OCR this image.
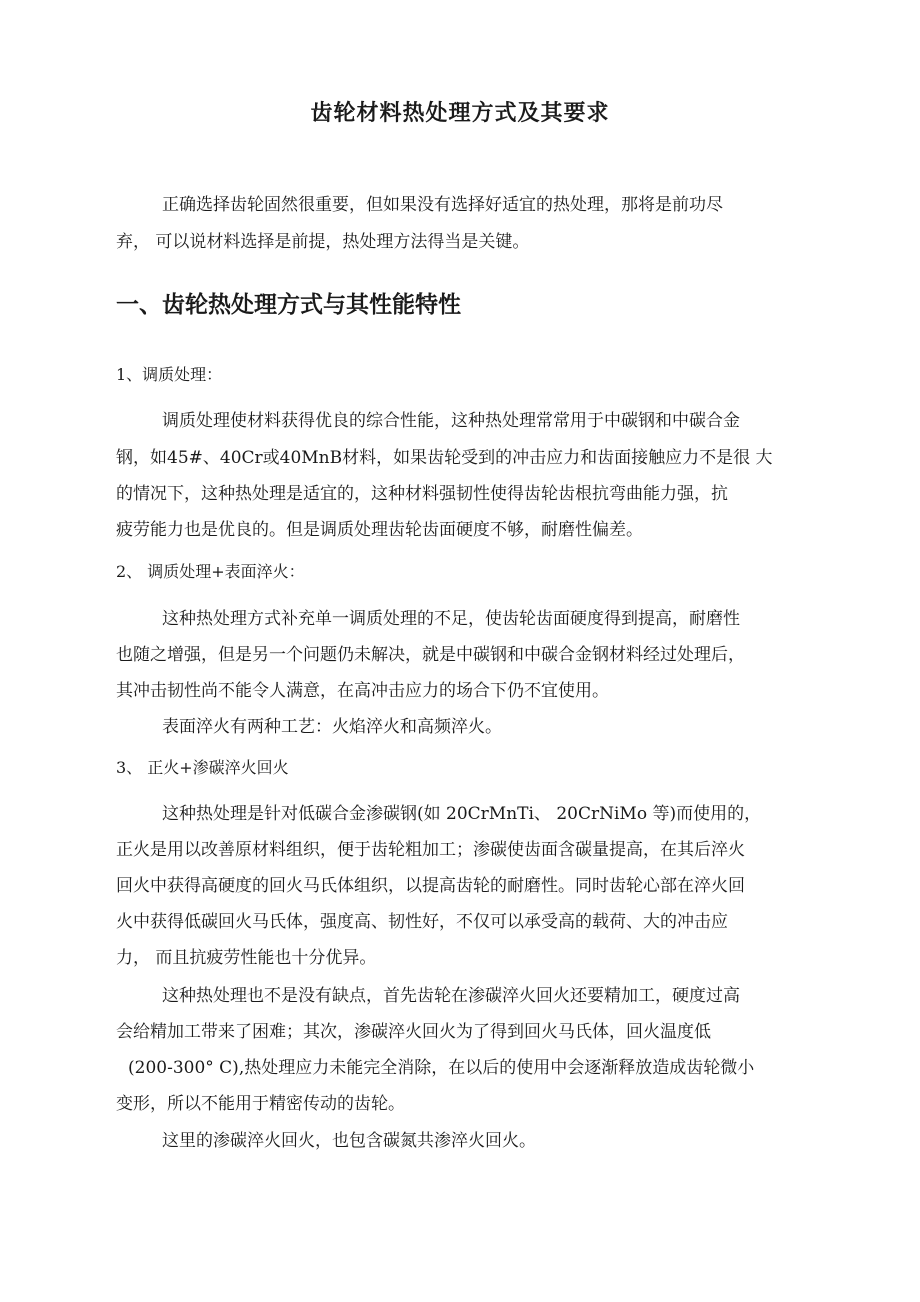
齿轮材料热处理方式及其要求
正确选择齿轮固然很重要，但如果没有选择好适宜的热处理，那将是前功尽
弃， 可以说材料选择是前提，热处理方法得当是关键。
一、齿轮热处理方式与其性能特性
1、调质处理：
调质处理使材料获得优良的综合性能，这种热处理常常用于中碳钢和中碳合金
钢，如45#、40Cr或40MnB材料，如果齿轮受到的冲击应力和齿面接触应力不是很 大
的情况下，这种热处理是适宜的，这种材料强韧性使得齿轮齿根抗弯曲能力强，抗
疲劳能力也是优良的。但是调质处理齿轮齿面硬度不够，耐磨性偏差。
2、 调质处理+表面淬火：
这种热处理方式补充单一调质处理的不足，使齿轮齿面硬度得到提高，耐磨性
也随之增强，但是另一个问题仍未解决，就是中碳钢和中碳合金钢材料经过处理后，
其冲击韧性尚不能令人满意，在高冲击应力的场合下仍不宜使用。
表面淬火有两种工艺：火焰淬火和高频淬火。
3、 正火+渗碳淬火回火
这种热处理是针对低碳合金渗碳钢(如 20CrMnTi、 20CrNiMo 等)而使用的，
正火是用以改善原材料组织，便于齿轮粗加工；渗碳使齿面含碳量提高，在其后淬火
回火中获得高硬度的回火马氏体组织，以提高齿轮的耐磨性。同时齿轮心部在淬火回
火中获得低碳回火马氏体，强度高、韧性好，不仅可以承受高的载荷、大的冲击应
力， 而且抗疲劳性能也十分优异。
这种热处理也不是没有缺点，首先齿轮在渗碳淬火回火还要精加工，硬度过高
会给精加工带来了困难；其次，渗碳淬火回火为了得到回火马氏体，回火温度低
(200-300° C),热处理应力未能完全消除，在以后的使用中会逐渐释放造成齿轮微小
变形，所以不能用于精密传动的齿轮。
这里的渗碳淬火回火，也包含碳氮共渗淬火回火。
